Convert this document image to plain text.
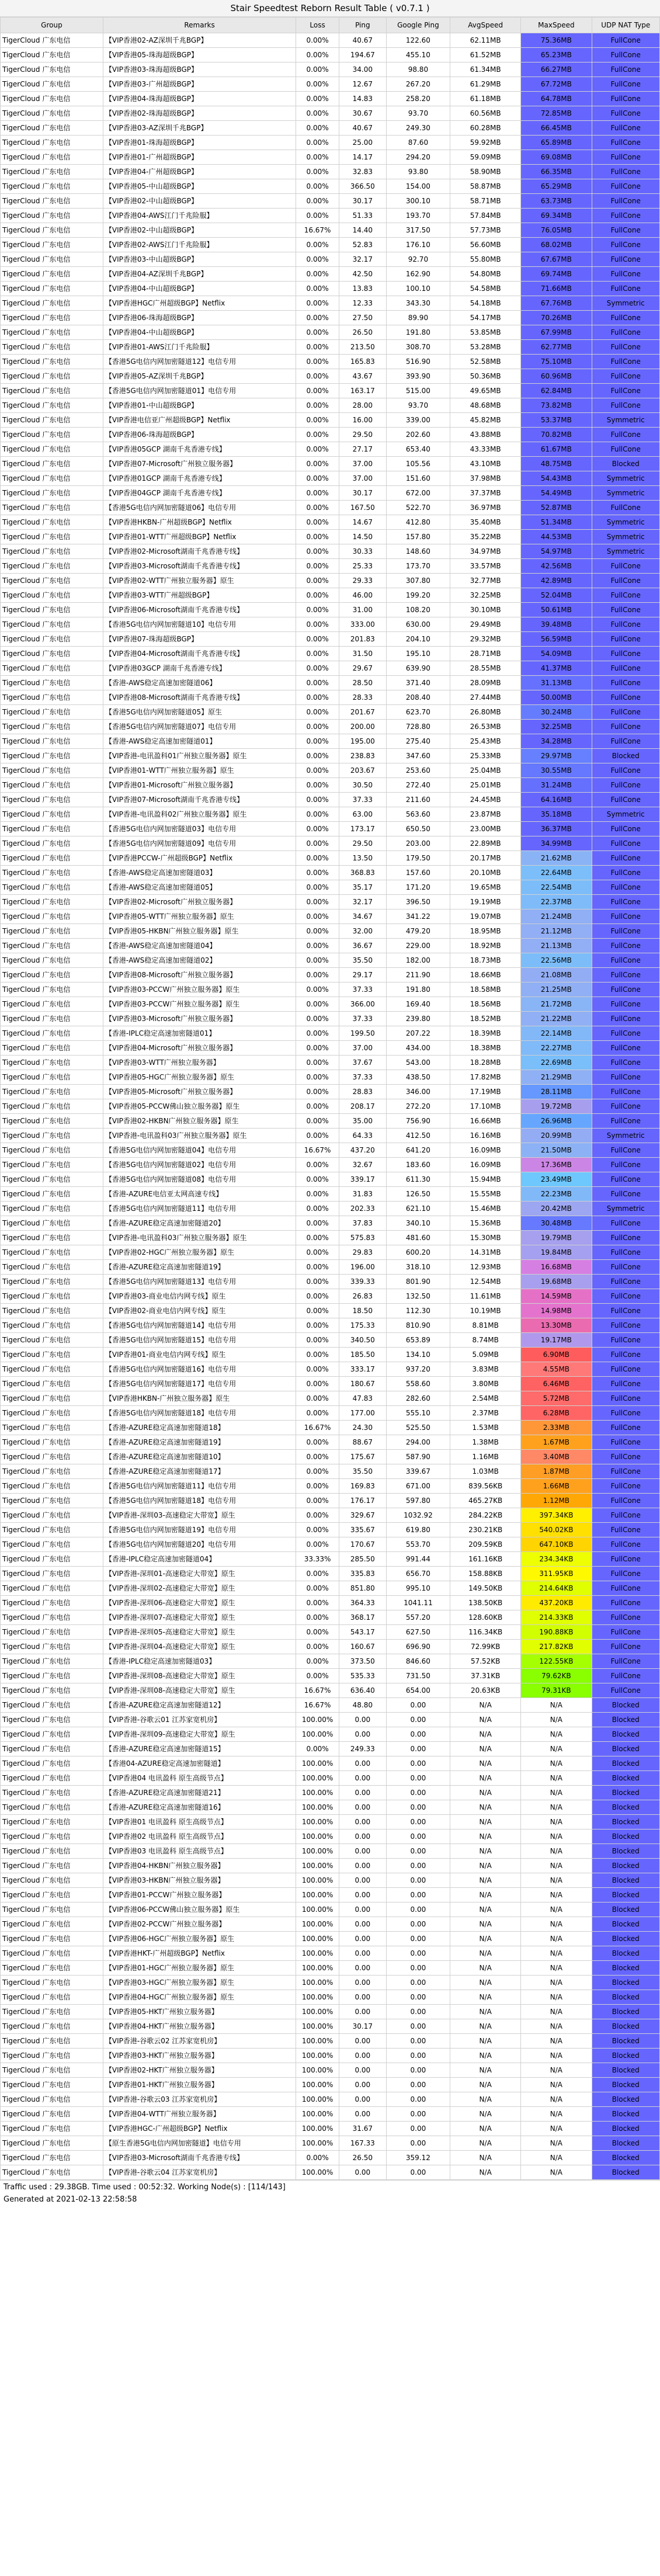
Stair Speedtest Reborn Result Table ( v0.7.1 )
Group	Remarks	Loss	Ping	Google Ping	AvgSpeed	MaxSpeed	UDP NAT Type
TigerCloud 广东电信	【VIP香港02-AZ深圳千兆BGP】	0.00%	40.67	122.60	62.11MB	75.36MB	FullCone
TigerCloud 广东电信	【VIP香港05-珠海超级BGP】	0.00%	194.67	455.10	61.52MB	65.23MB	FullCone
TigerCloud 广东电信	【VIP香港03-珠海超级BGP】	0.00%	34.00	98.80	61.34MB	66.27MB	FullCone
TigerCloud 广东电信	【VIP香港03-广州超级BGP】	0.00%	12.67	267.20	61.29MB	67.72MB	FullCone
TigerCloud 广东电信	【VIP香港04-珠海超级BGP】	0.00%	14.83	258.20	61.18MB	64.78MB	FullCone
TigerCloud 广东电信	【VIP香港02-珠海超级BGP】	0.00%	30.67	93.70	60.56MB	72.85MB	FullCone
TigerCloud 广东电信	【VIP香港03-AZ深圳千兆BGP】	0.00%	40.67	249.30	60.28MB	66.45MB	FullCone
TigerCloud 广东电信	【VIP香港01-珠海超级BGP】	0.00%	25.00	87.60	59.92MB	65.89MB	FullCone
TigerCloud 广东电信	【VIP香港01-广州超级BGP】	0.00%	14.17	294.20	59.09MB	69.08MB	FullCone
TigerCloud 广东电信	【VIP香港04-广州超级BGP】	0.00%	32.83	93.80	58.90MB	66.35MB	FullCone
TigerCloud 广东电信	【VIP香港05-中山超级BGP】	0.00%	366.50	154.00	58.87MB	65.29MB	FullCone
TigerCloud 广东电信	【VIP香港02-中山超级BGP】	0.00%	30.17	300.10	58.71MB	63.73MB	FullCone
TigerCloud 广东电信	【VIP香港04-AWS江门千兆险服】	0.00%	51.33	193.70	57.84MB	69.34MB	FullCone
TigerCloud 广东电信	【VIP香港02-中山超级BGP】	16.67%	14.40	317.50	57.73MB	76.05MB	FullCone
TigerCloud 广东电信	【VIP香港02-AWS江门千兆险服】	0.00%	52.83	176.10	56.60MB	68.02MB	FullCone
TigerCloud 广东电信	【VIP香港03-中山超级BGP】	0.00%	32.17	92.70	55.80MB	67.67MB	FullCone
TigerCloud 广东电信	【VIP香港04-AZ深圳千兆BGP】	0.00%	42.50	162.90	54.80MB	69.74MB	FullCone
TigerCloud 广东电信	【VIP香港04-中山超级BGP】	0.00%	13.83	100.10	54.58MB	71.66MB	FullCone
TigerCloud 广东电信	【VIP香港HGC广州超级BGP】Netflix	0.00%	12.33	343.30	54.18MB	67.76MB	Symmetric
TigerCloud 广东电信	【VIP香港06-珠海超级BGP】	0.00%	27.50	89.90	54.17MB	70.26MB	FullCone
TigerCloud 广东电信	【VIP香港04-中山超级BGP】	0.00%	26.50	191.80	53.85MB	67.99MB	FullCone
TigerCloud 广东电信	【VIP香港01-AWS江门千兆险服】	0.00%	213.50	308.70	53.28MB	62.77MB	FullCone
TigerCloud 广东电信	【香港5G电信内网加密隧道12】电信专用	0.00%	165.83	516.90	52.58MB	75.10MB	FullCone
TigerCloud 广东电信	【VIP香港05-AZ深圳千兆BGP】	0.00%	43.67	393.90	50.36MB	60.96MB	FullCone
TigerCloud 广东电信	【香港5G电信内网加密隧道01】电信专用	0.00%	163.17	515.00	49.65MB	62.84MB	FullCone
TigerCloud 广东电信	【VIP香港01-中山超级BGP】	0.00%	28.00	93.70	48.68MB	73.82MB	FullCone
TigerCloud 广东电信	【VIP香港电信亚广州超级BGP】Netflix	0.00%	16.00	339.00	45.82MB	53.37MB	Symmetric
TigerCloud 广东电信	【VIP香港06-珠海超级BGP】	0.00%	29.50	202.60	43.88MB	70.82MB	FullCone
TigerCloud 广东电信	【VIP香港05GCP 湖南千兆香港专线】	0.00%	27.17	653.40	43.33MB	61.67MB	FullCone
TigerCloud 广东电信	【VIP香港07-Microsoft广州独立服务器】	0.00%	37.00	105.56	43.10MB	48.75MB	Blocked
TigerCloud 广东电信	【VIP香港01GCP 湖南千兆香港专线】	0.00%	37.00	151.60	37.98MB	54.43MB	Symmetric
TigerCloud 广东电信	【VIP香港04GCP 湖南千兆香港专线】	0.00%	30.17	672.00	37.37MB	54.49MB	Symmetric
TigerCloud 广东电信	【香港5G电信内网加密隧道06】电信专用	0.00%	167.50	522.70	36.97MB	52.87MB	FullCone
TigerCloud 广东电信	【VIP香港HKBN-广州超级BGP】Netflix	0.00%	14.67	412.80	35.40MB	51.34MB	Symmetric
TigerCloud 广东电信	【VIP香港01-WTT广州超级BGP】Netflix	0.00%	14.50	157.80	35.22MB	44.53MB	Symmetric
TigerCloud 广东电信	【VIP香港02-Microsoft湖南千兆香港专线】	0.00%	30.33	148.60	34.97MB	54.97MB	Symmetric
TigerCloud 广东电信	【VIP香港03-Microsoft湖南千兆香港专线】	0.00%	25.33	173.70	33.57MB	42.56MB	FullCone
TigerCloud 广东电信	【VIP香港02-WTT广州独立服务器】原生	0.00%	29.33	307.80	32.77MB	42.89MB	FullCone
TigerCloud 广东电信	【VIP香港03-WTT广州超级BGP】	0.00%	46.00	199.20	32.25MB	52.04MB	FullCone
TigerCloud 广东电信	【VIP香港06-Microsoft湖南千兆香港专线】	0.00%	31.00	108.20	30.10MB	50.61MB	FullCone
TigerCloud 广东电信	【香港5G电信内网加密隧道10】电信专用	0.00%	333.00	630.00	29.49MB	39.48MB	FullCone
TigerCloud 广东电信	【VIP香港07-珠海超级BGP】	0.00%	201.83	204.10	29.32MB	56.59MB	FullCone
TigerCloud 广东电信	【VIP香港04-Microsoft湖南千兆香港专线】	0.00%	31.50	195.10	28.71MB	54.09MB	FullCone
TigerCloud 广东电信	【VIP香港03GCP 湖南千兆香港专线】	0.00%	29.67	639.90	28.55MB	41.37MB	FullCone
TigerCloud 广东电信	【香港-AWS稳定高速加密隧道06】	0.00%	28.50	371.40	28.09MB	31.13MB	FullCone
TigerCloud 广东电信	【VIP香港08-Microsoft湖南千兆香港专线】	0.00%	28.33	208.40	27.44MB	50.00MB	FullCone
TigerCloud 广东电信	【香港5G电信内网加密隧道05】原生	0.00%	201.67	623.70	26.80MB	30.24MB	FullCone
TigerCloud 广东电信	【香港5G电信内网加密隧道07】电信专用	0.00%	200.00	728.80	26.53MB	32.25MB	FullCone
TigerCloud 广东电信	【香港-AWS稳定高速加密隧道01】	0.00%	195.00	275.40	25.43MB	34.28MB	FullCone
TigerCloud 广东电信	【VIP香港-电讯盈科01广州独立服务器】原生	0.00%	238.83	347.60	25.33MB	29.97MB	Blocked
TigerCloud 广东电信	【VIP香港01-WTT广州独立服务器】原生	0.00%	203.67	253.60	25.04MB	30.55MB	FullCone
TigerCloud 广东电信	【VIP香港01-Microsoft广州独立服务器】	0.00%	30.50	272.40	25.01MB	31.24MB	FullCone
TigerCloud 广东电信	【VIP香港07-Microsoft湖南千兆香港专线】	0.00%	37.33	211.60	24.45MB	64.16MB	FullCone
TigerCloud 广东电信	【VIP香港-电讯盈科02广州独立服务器】原生	0.00%	63.00	563.60	23.87MB	35.18MB	Symmetric
TigerCloud 广东电信	【香港5G电信内网加密隧道03】电信专用	0.00%	173.17	650.50	23.00MB	36.37MB	FullCone
TigerCloud 广东电信	【香港5G电信内网加密隧道09】电信专用	0.00%	29.50	203.00	22.89MB	34.99MB	FullCone
TigerCloud 广东电信	【VIP香港PCCW-广州超级BGP】Netflix	0.00%	13.50	179.50	20.17MB	21.62MB	FullCone
TigerCloud 广东电信	【香港-AWS稳定高速加密隧道03】	0.00%	368.83	157.60	20.10MB	22.64MB	FullCone
TigerCloud 广东电信	【香港-AWS稳定高速加密隧道05】	0.00%	35.17	171.20	19.65MB	22.54MB	FullCone
TigerCloud 广东电信	【VIP香港02-Microsoft广州独立服务器】	0.00%	32.17	396.50	19.19MB	22.37MB	FullCone
TigerCloud 广东电信	【VIP香港05-WTT广州独立服务器】原生	0.00%	34.67	341.22	19.07MB	21.24MB	FullCone
TigerCloud 广东电信	【VIP香港05-HKBN广州独立服务器】原生	0.00%	32.00	479.20	18.95MB	21.12MB	FullCone
TigerCloud 广东电信	【香港-AWS稳定高速加密隧道04】	0.00%	36.67	229.00	18.92MB	21.13MB	FullCone
TigerCloud 广东电信	【香港-AWS稳定高速加密隧道02】	0.00%	35.50	182.00	18.73MB	22.56MB	FullCone
TigerCloud 广东电信	【VIP香港08-Microsoft广州独立服务器】	0.00%	29.17	211.90	18.66MB	21.08MB	FullCone
TigerCloud 广东电信	【VIP香港03-PCCW广州独立服务器】原生	0.00%	37.33	191.80	18.58MB	21.25MB	FullCone
TigerCloud 广东电信	【VIP香港03-PCCW广州独立服务器】原生	0.00%	366.00	169.40	18.56MB	21.72MB	FullCone
TigerCloud 广东电信	【VIP香港03-Microsoft广州独立服务器】	0.00%	37.33	239.80	18.52MB	21.22MB	FullCone
TigerCloud 广东电信	【香港-IPLC稳定高速加密隧道01】	0.00%	199.50	207.22	18.39MB	22.14MB	FullCone
TigerCloud 广东电信	【VIP香港04-Microsoft广州独立服务器】	0.00%	37.00	434.00	18.38MB	22.27MB	FullCone
TigerCloud 广东电信	【VIP香港03-WTT广州独立服务器】	0.00%	37.67	543.00	18.28MB	22.69MB	FullCone
TigerCloud 广东电信	【VIP香港05-HGC广州独立服务器】原生	0.00%	37.33	438.50	17.82MB	21.29MB	FullCone
TigerCloud 广东电信	【VIP香港05-Microsoft广州独立服务器】	0.00%	28.83	346.00	17.19MB	28.11MB	FullCone
TigerCloud 广东电信	【VIP香港05-PCCW佛山独立服务器】原生	0.00%	208.17	272.20	17.10MB	19.72MB	FullCone
TigerCloud 广东电信	【VIP香港02-HKBN广州独立服务器】原生	0.00%	35.00	756.90	16.66MB	26.96MB	FullCone
TigerCloud 广东电信	【VIP香港-电讯盈科03广州独立服务器】原生	0.00%	64.33	412.50	16.16MB	20.99MB	Symmetric
TigerCloud 广东电信	【香港5G电信内网加密隧道04】电信专用	16.67%	437.20	641.20	16.09MB	21.50MB	FullCone
TigerCloud 广东电信	【香港5G电信内网加密隧道02】电信专用	0.00%	32.67	183.60	16.09MB	17.36MB	FullCone
TigerCloud 广东电信	【香港5G电信内网加密隧道08】电信专用	0.00%	339.17	611.30	15.94MB	23.49MB	FullCone
TigerCloud 广东电信	【香港-AZURE电信亚太网高速专线】	0.00%	31.83	126.50	15.55MB	22.23MB	FullCone
TigerCloud 广东电信	【香港5G电信内网加密隧道11】电信专用	0.00%	202.33	621.10	15.46MB	20.42MB	Symmetric
TigerCloud 广东电信	【香港-AZURE稳定高速加密隧道20】	0.00%	37.83	340.10	15.36MB	30.48MB	FullCone
TigerCloud 广东电信	【VIP香港-电讯盈科03广州独立服务器】原生	0.00%	575.83	481.60	15.30MB	19.79MB	FullCone
TigerCloud 广东电信	【VIP香港02-HGC广州独立服务器】原生	0.00%	29.83	600.20	14.31MB	19.84MB	FullCone
TigerCloud 广东电信	【香港-AZURE稳定高速加密隧道19】	0.00%	196.00	318.10	12.93MB	16.68MB	FullCone
TigerCloud 广东电信	【香港5G电信内网加密隧道13】电信专用	0.00%	339.33	801.90	12.54MB	19.68MB	FullCone
TigerCloud 广东电信	【VIP香港03-商业电信内网专线】原生	0.00%	26.83	132.50	11.61MB	14.59MB	FullCone
TigerCloud 广东电信	【VIP香港02-商业电信内网专线】原生	0.00%	18.50	112.30	10.19MB	14.98MB	FullCone
TigerCloud 广东电信	【香港5G电信内网加密隧道14】电信专用	0.00%	175.33	810.90	8.81MB	13.30MB	FullCone
TigerCloud 广东电信	【香港5G电信内网加密隧道15】电信专用	0.00%	340.50	653.89	8.74MB	19.17MB	FullCone
TigerCloud 广东电信	【VIP香港01-商业电信内网专线】原生	0.00%	185.50	134.10	5.09MB	6.90MB	FullCone
TigerCloud 广东电信	【香港5G电信内网加密隧道16】电信专用	0.00%	333.17	937.20	3.83MB	4.55MB	FullCone
TigerCloud 广东电信	【香港5G电信内网加密隧道17】电信专用	0.00%	180.67	558.60	3.80MB	6.46MB	FullCone
TigerCloud 广东电信	【VIP香港HKBN-广州独立服务器】原生	0.00%	47.83	282.60	2.54MB	5.72MB	FullCone
TigerCloud 广东电信	【香港5G电信内网加密隧道18】电信专用	0.00%	177.00	555.10	2.37MB	6.28MB	FullCone
TigerCloud 广东电信	【香港-AZURE稳定高速加密隧道18】	16.67%	24.30	525.50	1.53MB	2.33MB	FullCone
TigerCloud 广东电信	【香港-AZURE稳定高速加密隧道19】	0.00%	88.67	294.00	1.38MB	1.67MB	FullCone
TigerCloud 广东电信	【香港-AZURE稳定高速加密隧道10】	0.00%	175.67	587.90	1.16MB	3.40MB	FullCone
TigerCloud 广东电信	【香港-AZURE稳定高速加密隧道17】	0.00%	35.50	339.67	1.03MB	1.87MB	FullCone
TigerCloud 广东电信	【香港5G电信内网加密隧道11】电信专用	0.00%	169.83	671.00	839.56KB	1.66MB	FullCone
TigerCloud 广东电信	【香港5G电信内网加密隧道18】电信专用	0.00%	176.17	597.80	465.27KB	1.12MB	FullCone
TigerCloud 广东电信	【VIP香港-深圳03-高速稳定大带宽】原生	0.00%	329.67	1032.92	284.22KB	397.34KB	FullCone
TigerCloud 广东电信	【香港5G电信内网加密隧道19】电信专用	0.00%	335.67	619.80	230.21KB	540.02KB	FullCone
TigerCloud 广东电信	【香港5G电信内网加密隧道20】电信专用	0.00%	170.67	553.70	209.59KB	647.10KB	FullCone
TigerCloud 广东电信	【香港-IPLC稳定高速加密隧道04】	33.33%	285.50	991.44	161.16KB	234.34KB	FullCone
TigerCloud 广东电信	【VIP香港-深圳01-高速稳定大带宽】原生	0.00%	335.83	656.70	158.88KB	311.95KB	FullCone
TigerCloud 广东电信	【VIP香港-深圳02-高速稳定大带宽】原生	0.00%	851.80	995.10	149.50KB	214.64KB	FullCone
TigerCloud 广东电信	【VIP香港-深圳06-高速稳定大带宽】原生	0.00%	364.33	1041.11	138.50KB	437.20KB	FullCone
TigerCloud 广东电信	【VIP香港-深圳07-高速稳定大带宽】原生	0.00%	368.17	557.20	128.60KB	214.33KB	FullCone
TigerCloud 广东电信	【VIP香港-深圳05-高速稳定大带宽】原生	0.00%	543.17	627.50	116.34KB	190.88KB	FullCone
TigerCloud 广东电信	【VIP香港-深圳04-高速稳定大带宽】原生	0.00%	160.67	696.90	72.99KB	217.82KB	FullCone
TigerCloud 广东电信	【香港-IPLC稳定高速加密隧道03】	0.00%	373.50	846.60	57.52KB	122.55KB	FullCone
TigerCloud 广东电信	【VIP香港-深圳08-高速稳定大带宽】原生	0.00%	535.33	731.50	37.31KB	79.62KB	FullCone
TigerCloud 广东电信	【VIP香港-深圳08-高速稳定大带宽】原生	16.67%	636.40	654.00	20.63KB	79.31KB	FullCone
TigerCloud 广东电信	【香港-AZURE稳定高速加密隧道12】	16.67%	48.80	0.00	N/A	N/A	Blocked
TigerCloud 广东电信	【VIP香港-谷歌云01 江苏家宽机房】	100.00%	0.00	0.00	N/A	N/A	Blocked
TigerCloud 广东电信	【VIP香港-深圳09-高速稳定大带宽】原生	100.00%	0.00	0.00	N/A	N/A	Blocked
TigerCloud 广东电信	【香港-AZURE稳定高速加密隧道15】	0.00%	249.33	0.00	N/A	N/A	Blocked
TigerCloud 广东电信	【香港04-AZURE稳定高速加密隧道】	100.00%	0.00	0.00	N/A	N/A	Blocked
TigerCloud 广东电信	【VIP香港04 电讯盈科 原生高级节点】	100.00%	0.00	0.00	N/A	N/A	Blocked
TigerCloud 广东电信	【香港-AZURE稳定高速加密隧道21】	100.00%	0.00	0.00	N/A	N/A	Blocked
TigerCloud 广东电信	【香港-AZURE稳定高速加密隧道16】	100.00%	0.00	0.00	N/A	N/A	Blocked
TigerCloud 广东电信	【VIP香港01 电讯盈科 原生高级节点】	100.00%	0.00	0.00	N/A	N/A	Blocked
TigerCloud 广东电信	【VIP香港02 电讯盈科 原生高级节点】	100.00%	0.00	0.00	N/A	N/A	Blocked
TigerCloud 广东电信	【VIP香港03 电讯盈科 原生高级节点】	100.00%	0.00	0.00	N/A	N/A	Blocked
TigerCloud 广东电信	【VIP香港04-HKBN广州独立服务器】	100.00%	0.00	0.00	N/A	N/A	Blocked
TigerCloud 广东电信	【VIP香港03-HKBN广州独立服务器】	100.00%	0.00	0.00	N/A	N/A	Blocked
TigerCloud 广东电信	【VIP香港01-PCCW广州独立服务器】	100.00%	0.00	0.00	N/A	N/A	Blocked
TigerCloud 广东电信	【VIP香港06-PCCW佛山独立服务器】原生	100.00%	0.00	0.00	N/A	N/A	Blocked
TigerCloud 广东电信	【VIP香港02-PCCW广州独立服务器】	100.00%	0.00	0.00	N/A	N/A	Blocked
TigerCloud 广东电信	【VIP香港06-HGC广州独立服务器】原生	100.00%	0.00	0.00	N/A	N/A	Blocked
TigerCloud 广东电信	【VIP香港HKT-广州超级BGP】Netflix	100.00%	0.00	0.00	N/A	N/A	Blocked
TigerCloud 广东电信	【VIP香港01-HGC广州独立服务器】原生	100.00%	0.00	0.00	N/A	N/A	Blocked
TigerCloud 广东电信	【VIP香港03-HGC广州独立服务器】原生	100.00%	0.00	0.00	N/A	N/A	Blocked
TigerCloud 广东电信	【VIP香港04-HGC广州独立服务器】原生	100.00%	0.00	0.00	N/A	N/A	Blocked
TigerCloud 广东电信	【VIP香港05-HKT广州独立服务器】	100.00%	0.00	0.00	N/A	N/A	Blocked
TigerCloud 广东电信	【VIP香港04-HKT广州独立服务器】	100.00%	30.17	0.00	N/A	N/A	Blocked
TigerCloud 广东电信	【VIP香港-谷歌云02 江苏家宽机房】	100.00%	0.00	0.00	N/A	N/A	Blocked
TigerCloud 广东电信	【VIP香港03-HKT广州独立服务器】	100.00%	0.00	0.00	N/A	N/A	Blocked
TigerCloud 广东电信	【VIP香港02-HKT广州独立服务器】	100.00%	0.00	0.00	N/A	N/A	Blocked
TigerCloud 广东电信	【VIP香港01-HKT广州独立服务器】	100.00%	0.00	0.00	N/A	N/A	Blocked
TigerCloud 广东电信	【VIP香港-谷歌云03 江苏家宽机房】	100.00%	0.00	0.00	N/A	N/A	Blocked
TigerCloud 广东电信	【VIP香港04-WTT广州独立服务器】	100.00%	0.00	0.00	N/A	N/A	Blocked
TigerCloud 广东电信	【VIP香港HGC-广州超级BGP】Netflix	100.00%	31.67	0.00	N/A	N/A	Blocked
TigerCloud 广东电信	【原生香港5G电信内网加密隧道】电信专用	100.00%	167.33	0.00	N/A	N/A	Blocked
TigerCloud 广东电信	【VIP香港03-Microsoft湖南千兆香港专线】	0.00%	26.50	359.12	N/A	N/A	Blocked
TigerCloud 广东电信	【VIP香港-谷歌云04 江苏家宽机房】	100.00%	0.00	0.00	N/A	N/A	Blocked
Traffic used : 29.38GB. Time used : 00:52:32. Working Node(s) : [114/143]
Generated at 2021-02-13 22:58:58
